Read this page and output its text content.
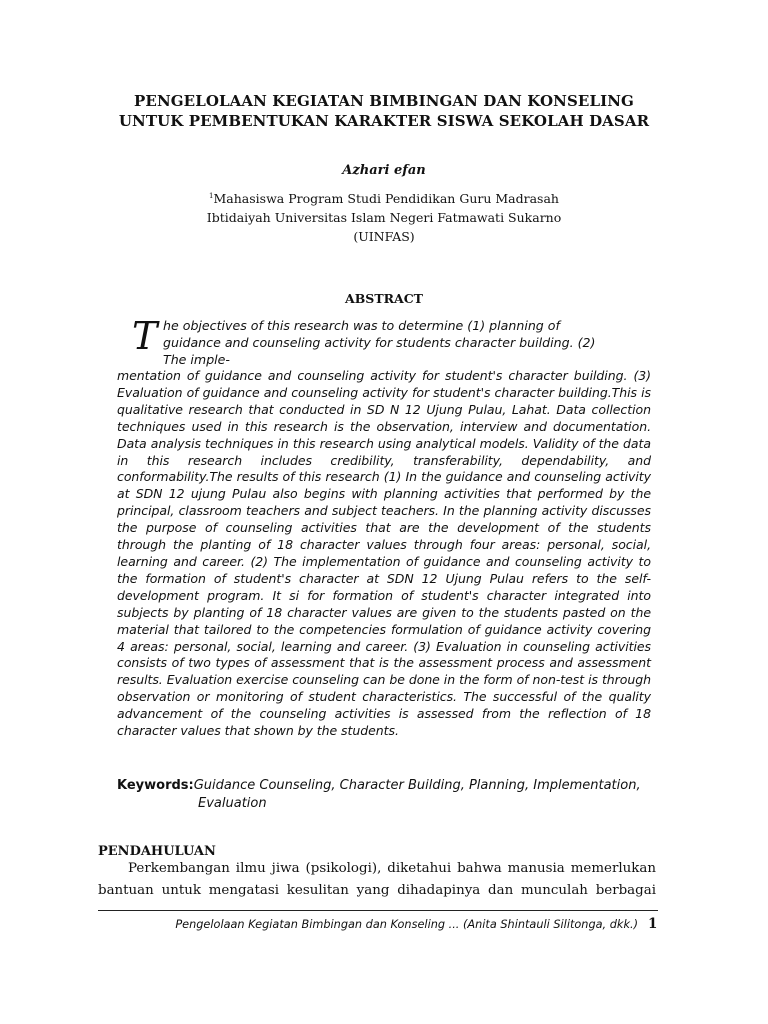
PENGELOLAAN KEGIATAN BIMBINGAN DAN KONSELING
UNTUK PEMBENTUKAN KARAKTER SISWA SEKOLAH DASAR
Azhari efan
$^1$Mahasiswa Program Studi Pendidikan Guru Madrasah
Ibtidaiyah Universitas Islam Negeri Fatmawati Sukarno
(UINFAS)
ABSTRACT
T he objectives of this research was to determine (1) planning of
guidance and counseling activity for students character building. (2)
The imple-
mentation of guidance and counseling activity for student's character building. (3) Evaluation of guidance and counseling activity for student's character building.This is qualitative research that conducted in SD N 12 Ujung Pulau, Lahat. Data collection techniques used in this research is the observation, interview and documentation. Data analysis techniques in this research using analytical models. Validity of the data in this research includes credibility, transferability, dependability, and conformability.The results of this research (1) In the guidance and counseling activity at SDN 12 ujung Pulau also begins with planning activities that performed by the principal, classroom teachers and subject teachers. In the planning activity discusses the purpose of counseling activities that are the development of the students through the planting of 18 character values through four areas: personal, social, learning and career. (2) The implementation of guidance and counseling activity to the formation of student's character at SDN 12 Ujung Pulau refers to the self-development program. It si for formation of student's character integrated into subjects by planting of 18 character values are given to the students pasted on the material that tailored to the competencies formulation of guidance activity covering 4 areas: personal, social, learning and career. (3) Evaluation in counseling activities consists of two types of assessment that is the assessment process and assessment results. Evaluation exercise counseling can be done in the form of non-test is through observation or monitoring of student characteristics. The successful of the quality advancement of the counseling activities is assessed from the reflection of 18 character values that shown by the students.
Keywords:Guidance Counseling, Character Building, Planning, Implementation,
Evaluation
PENDAHULUAN
Perkembangan ilmu jiwa (psikologi), diketahui bahwa manusia memerlukan
bantuan untuk mengatasi kesulitan yang dihadapinya dan munculah berbagai
Pengelolaan Kegiatan Bimbingan dan Konseling ... (Anita Shintauli Silitonga, dkk.) 1
